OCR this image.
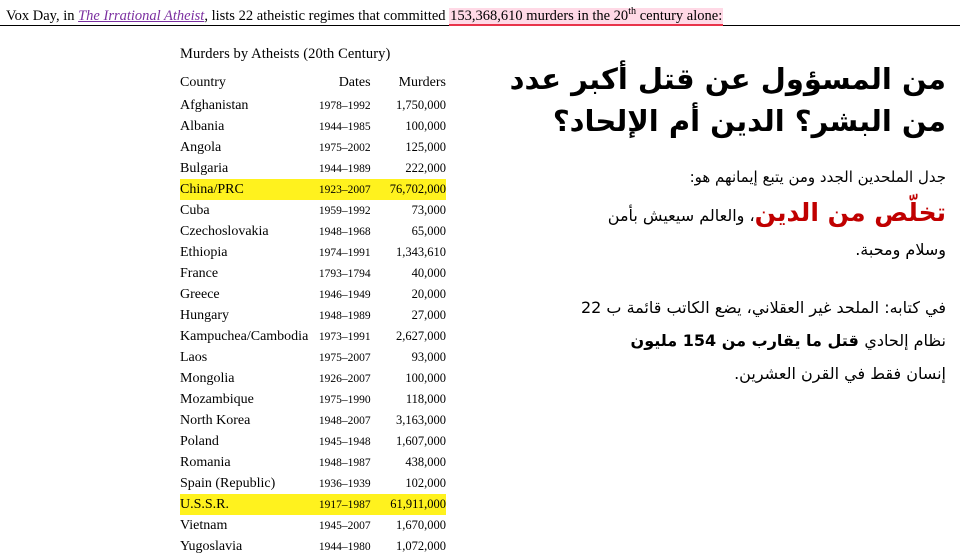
Vox Day, in The Irrational Atheist, lists 22 atheistic regimes that committed 153,368,610 murders in the 20th century alone:
Murders by Atheists (20th Century)
Country	Dates	Murders
Afghanistan	1978–1992	1,750,000
Albania	1944–1985	100,000
Angola	1975–2002	125,000
Bulgaria	1944–1989	222,000
China/PRC	1923–2007	76,702,000
Cuba	1959–1992	73,000
Czechoslovakia	1948–1968	65,000
Ethiopia	1974–1991	1,343,610
France	1793–1794	40,000
Greece	1946–1949	20,000
Hungary	1948–1989	27,000
Kampuchea/Cambodia	1973–1991	2,627,000
Laos	1975–2007	93,000
Mongolia	1926–2007	100,000
Mozambique	1975–1990	118,000
North Korea	1948–2007	3,163,000
Poland	1945–1948	1,607,000
Romania	1948–1987	438,000
Spain (Republic)	1936–1939	102,000
U.S.S.R.	1917–1987	61,911,000
Vietnam	1945–2007	1,670,000
Yugoslavia	1944–1980	1,072,000
من المسؤول عن قتل أكبر عدد من البشر؟ الدين أم الإلحاد؟
جدل الملحدين الجدد ومن يتبع إيمانهم هو:
تخلّص من الدين، والعالم سيعيش بأمن
وسلام ومحبة.
في كتابه: الملحد غير العقلاني، يضع الكاتب قائمة ب 22
نظام إلحادي قتل ما يقارب من 154 مليون
إنسان فقط في القرن العشرين.
